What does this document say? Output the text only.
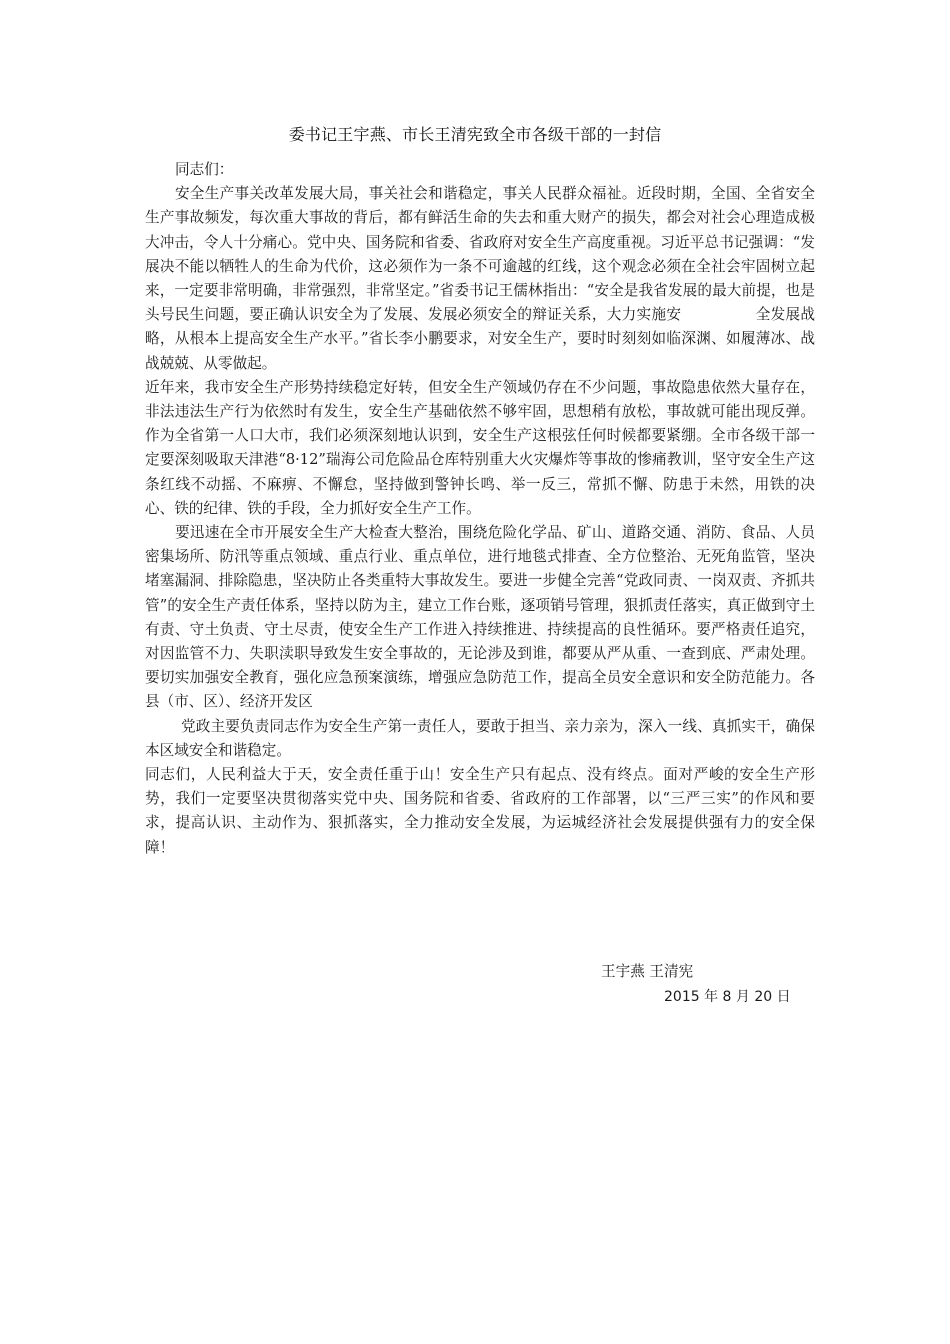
委书记王宇燕、市长王清宪致全市各级干部的一封信

同志们：

安全生产事关改革发展大局，事关社会和谐稳定，事关人民群众福祉。近段时期，全国、全省安全生产事故频发，每次重大事故的背后，都有鲜活生命的失去和重大财产的损失，都会对社会心理造成极大冲击，令人十分痛心。党中央、国务院和省委、省政府对安全生产高度重视。习近平总书记强调：“发展决不能以牺牲人的生命为代价，这必须作为一条不可逾越的红线，这个观念必须在全社会牢固树立起来，一定要非常明确，非常强烈，非常坚定。”省委书记王儒林指出：“安全是我省发展的最大前提，也是头号民生问题，要正确认识安全为了发展、发展必须安全的辩证关系，大力实施安　　　　　全发展战略，从根本上提高安全生产水平。”省长李小鹏要求，对安全生产，要时时刻刻如临深渊、如履薄冰、战战兢兢、从零做起。

近年来，我市安全生产形势持续稳定好转，但安全生产领域仍存在不少问题，事故隐患依然大量存在，非法违法生产行为依然时有发生，安全生产基础依然不够牢固，思想稍有放松，事故就可能出现反弹。作为全省第一人口大市，我们必须深刻地认识到，安全生产这根弦任何时候都要紧绷。全市各级干部一定要深刻吸取天津港“8·12”瑞海公司危险品仓库特别重大火灾爆炸等事故的惨痛教训，坚守安全生产这条红线不动摇、不麻痹、不懈怠，坚持做到警钟长鸣、举一反三，常抓不懈、防患于未然，用铁的决心、铁的纪律、铁的手段，全力抓好安全生产工作。

要迅速在全市开展安全生产大检查大整治，围绕危险化学品、矿山、道路交通、消防、食品、人员密集场所、防汛等重点领域、重点行业、重点单位，进行地毯式排查、全方位整治、无死角监管，坚决堵塞漏洞、排除隐患，坚决防止各类重特大事故发生。要进一步健全完善“党政同责、一岗双责、齐抓共管”的安全生产责任体系，坚持以防为主，建立工作台账，逐项销号管理，狠抓责任落实，真正做到守土有责、守土负责、守土尽责，使安全生产工作进入持续推进、持续提高的良性循环。要严格责任追究，对因监管不力、失职渎职导致发生安全事故的，无论涉及到谁，都要从严从重、一查到底、严肃处理。要切实加强安全教育，强化应急预案演练，增强应急防范工作，提高全员安全意识和安全防范能力。各县（市、区）、经济开发区

党政主要负责同志作为安全生产第一责任人，要敢于担当、亲力亲为，深入一线、真抓实干，确保本区域安全和谐稳定。

同志们，人民利益大于天，安全责任重于山！安全生产只有起点、没有终点。面对严峻的安全生产形势，我们一定要坚决贯彻落实党中央、国务院和省委、省政府的工作部署，以“三严三实”的作风和要求，提高认识、主动作为、狠抓落实，全力推动安全发展，为运城经济社会发展提供强有力的安全保障！

王宇燕 王清宪
2015 年 8 月 20 日
